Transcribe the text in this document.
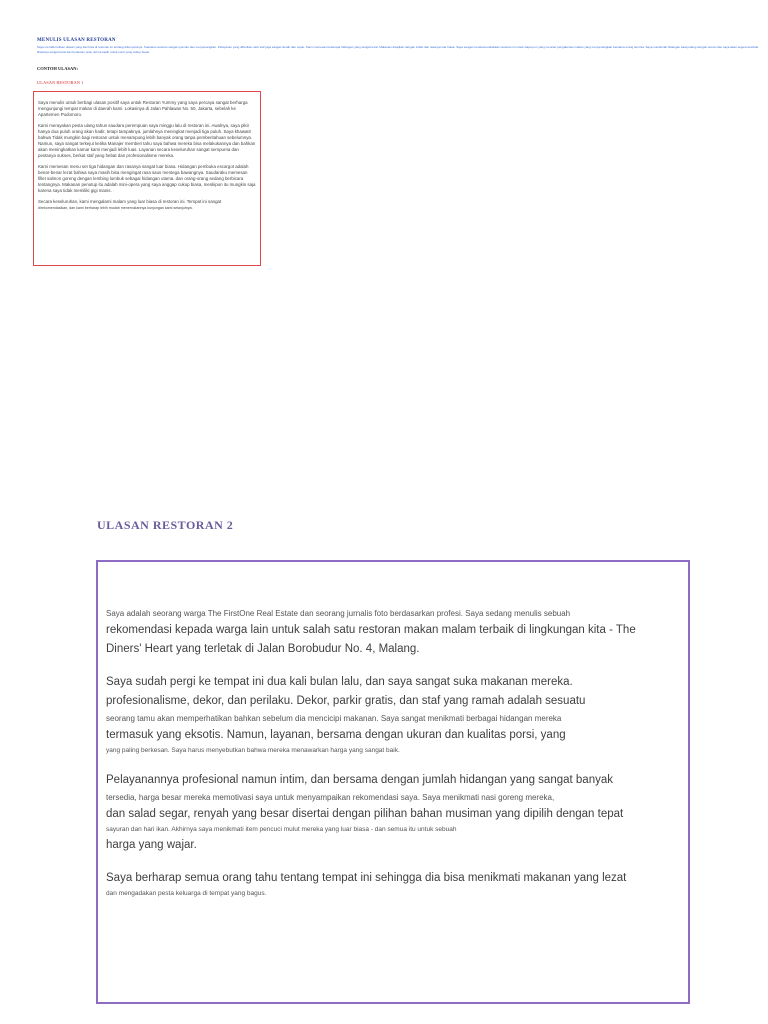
MENULIS ULASAN RESTORAN

Saya memiliki tulisan ulasan yang kan bisa di restoran ini tentang dikenyamnya. Suasana restoran sangat nyaman dan menyenangkan. Pelayanan yang diberikan oleh staf juga sangat ramah dan cepat. Kami memesan beberapa hidangan yang sangat lezat. Makanan disajikan dengan indah dan rasanya luar biasa. Saya sangat merekomendasikan restoran ini untuk siapa pun yang mencari pengalaman makan yang menyenangkan bersama orang tercinta. Saya menikmati hidangan saat pulang dengan teman dan saya akan segera kembali. Rasanya sangat lezat dan berkesan pula, terima kasih untuk porsi yang cukup besar.

CONTOH ULASAN:
ULASAN RESTORAN 1

Saya menulis untuk berbagi ulasan positif saya untuk Restoran Yummy yang saya percaya sangat berharga mengunjungi tempat makan di daerah kami. Lokasinya di Jalan Pahlawan No. 50, Jakarta, sebelah ke Apartemen Pudomoro.

Kami merayakan pesta ulang tahun saudara perempuan saya minggu lalu di restoran ini. Awalnya, saya pikir hanya dua puluh orang akan hadir, tetapi tampaknya, jumlahnya meningkat menjadi tiga puluh. Saya khawatir bahwa Tidak mungkin bagi restoran untuk menampung lebih banyak orang tanpa pemberitahuan sebelumnya. Namun, saya sangat terkejut ketika Manajer memberi tahu saya bahwa mereka bisa melakukannya dan bahkan akan meningkatkan kamar kami menjadi lebih luas. Layanan secara keseluruhan sangat sempurna dan pestanya sukses, berkat staf yang hebat dan profesionalisme mereka.

Kami memesan menu set tiga hidangan dan rasanya sangat luar biasa. Hidangan pembuka escargot adalah benar-benar lezat bahwa saya masih bisa mengingat rasa saus mentega bawangnya. Saudaraku memesan fillet salmon goreng dengan lembing lumbuk sebagai hidangan utama. dan orang-orang sedang berbicara tentangnya. Makanan penutup itu adalah mini-opera yang saya anggap cukup biasa, meskipun itu mungkin saja karena saya tidak memiliki gigi manis.

Secara keseluruhan, kami mengalami malam yang luar biasa di restoran ini. Tempat ini sangat
direkomendasikan, dan kami berharap lebih mudah menemukannya kunjungan kami selanjutnya.

ULASAN RESTORAN 2

Saya adalah seorang warga The FirstOne Real Estate dan seorang jurnalis foto berdasarkan profesi. Saya sedang menulis sebuah
rekomendasi kepada warga lain untuk salah satu restoran makan malam terbaik di lingkungan kita - The
Diners' Heart yang terletak di Jalan Borobudur No. 4, Malang.

Saya sudah pergi ke tempat ini dua kali bulan lalu, dan saya sangat suka makanan mereka.
profesionalisme, dekor, dan perilaku. Dekor, parkir gratis, dan staf yang ramah adalah sesuatu
seorang tamu akan memperhatikan bahkan sebelum dia mencicipi makanan. Saya sangat menikmati berbagai hidangan mereka
termasuk yang eksotis. Namun, layanan, bersama dengan ukuran dan kualitas porsi, yang
yang paling berkesan. Saya harus menyebutkan bahwa mereka menawarkan harga yang sangat baik.

Pelayanannya profesional namun intim, dan bersama dengan jumlah hidangan yang sangat banyak
tersedia, harga besar mereka memotivasi saya untuk menyampaikan rekomendasi saya. Saya menikmati nasi goreng mereka,
dan salad segar, renyah yang besar disertai dengan pilihan bahan musiman yang dipilih dengan tepat
sayuran dan hari ikan. Akhirnya saya menikmati item pencuci mulut mereka yang luar biasa - dan semua itu untuk sebuah
harga yang wajar.

Saya berharap semua orang tahu tentang tempat ini sehingga dia bisa menikmati makanan yang lezat
dan mengadakan pesta keluarga di tempat yang bagus.
